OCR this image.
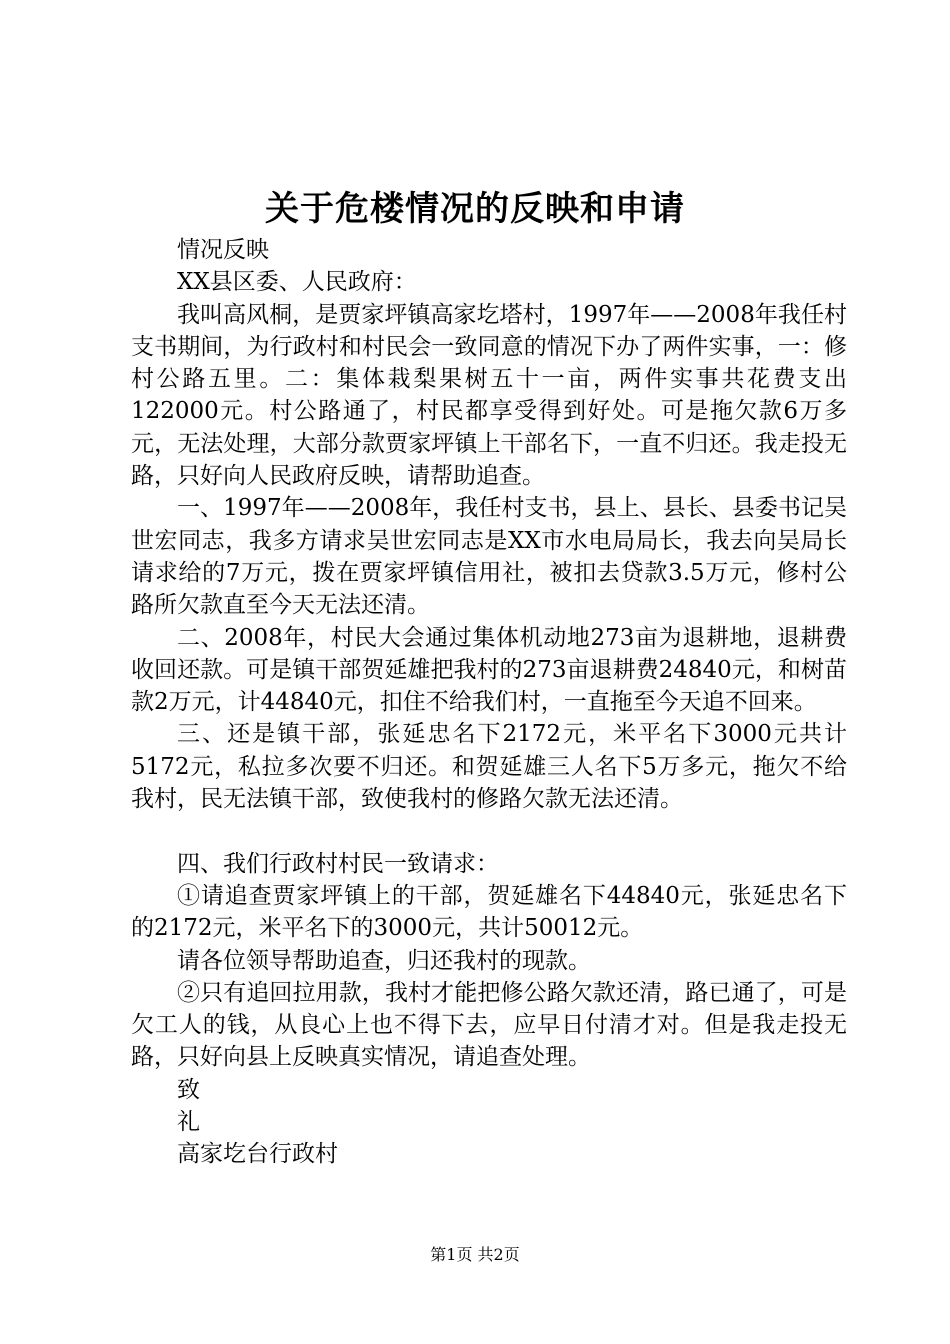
关于危楼情况的反映和申请

情况反映

XX县区委、人民政府：

我叫高风桐，是贾家坪镇高家圪塔村，1997年——2008年我任村支书期间，为行政村和村民会一致同意的情况下办了两件实事，一：修村公路五里。二：集体栽梨果树五十一亩，两件实事共花费支出122000元。村公路通了，村民都享受得到好处。可是拖欠款6万多元，无法处理，大部分款贾家坪镇上干部名下，一直不归还。我走投无路，只好向人民政府反映，请帮助追查。

一、1997年——2008年，我任村支书，县上、县长、县委书记吴世宏同志，我多方请求吴世宏同志是XX市水电局局长，我去向吴局长请求给的7万元，拨在贾家坪镇信用社，被扣去贷款3.5万元，修村公路所欠款直至今天无法还清。

二、2008年，村民大会通过集体机动地273亩为退耕地，退耕费收回还款。可是镇干部贺延雄把我村的273亩退耕费24840元，和树苗款2万元，计44840元，扣住不给我们村，一直拖至今天追不回来。

三、还是镇干部，张延忠名下2172元，米平名下3000元共计5172元，私拉多次要不归还。和贺延雄三人名下5万多元，拖欠不给我村，民无法镇干部，致使我村的修路欠款无法还清。

四、我们行政村村民一致请求：

①请追查贾家坪镇上的干部，贺延雄名下44840元，张延忠名下的2172元，米平名下的3000元，共计50012元。

请各位领导帮助追查，归还我村的现款。

②只有追回拉用款，我村才能把修公路欠款还清，路已通了，可是欠工人的钱，从良心上也不得下去，应早日付清才对。但是我走投无路，只好向县上反映真实情况，请追查处理。

致

礼

高家圪台行政村

第1页 共2页
